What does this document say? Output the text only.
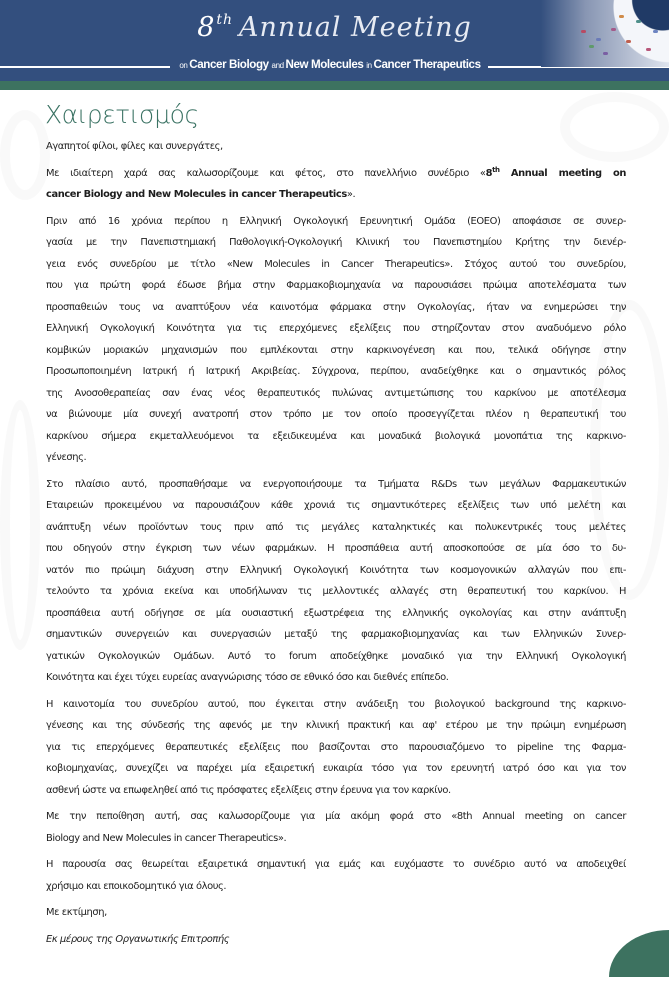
8th Annual Meeting
on Cancer Biology and New Molecules in Cancer Therapeutics
Χαιρετισμός
Αγαπητοί φίλοι, φίλες και συνεργάτες,
Με ιδιαίτερη χαρά σας καλωσορίζουμε και φέτος, στο πανελλήνιο συνέδριο «8th Annual meeting on
cancer Biology and New Molecules in cancer Therapeutics».
Πριν από 16 χρόνια περίπου η Ελληνική Ογκολογική Ερευνητική Ομάδα (ΕΟΕΟ) αποφάσισε σε συνερ-
γασία με την Πανεπιστημιακή Παθολογική-Ογκολογική Κλινική του Πανεπιστημίου Κρήτης την διενέρ-
γεια ενός συνεδρίου με τίτλο «New Molecules in Cancer Therapeutics». Στόχος αυτού του συνεδρίου,
που για πρώτη φορά έδωσε βήμα στην Φαρμακοβιομηχανία να παρουσιάσει πρώιμα αποτελέσματα των
προσπαθειών τους να αναπτύξουν νέα καινοτόμα φάρμακα στην Ογκολογίας, ήταν να ενημερώσει την
Ελληνική Ογκολογική Κοινότητα για τις επερχόμενες εξελίξεις που στηρίζονταν στον αναδυόμενο ρόλο
κομβικών μοριακών μηχανισμών που εμπλέκονται στην καρκινογένεση και που, τελικά οδήγησε στην
Προσωποποιημένη Ιατρική ή Ιατρική Ακριβείας. Σύγχρονα, περίπου, αναδείχθηκε και ο σημαντικός ρόλος
της Ανοσοθεραπείας σαν ένας νέος θεραπευτικός πυλώνας αντιμετώπισης του καρκίνου με αποτέλεσμα
να βιώνουμε μία συνεχή ανατροπή στον τρόπο με τον οποίο προσεγγίζεται πλέον η θεραπευτική του
καρκίνου σήμερα εκμεταλλευόμενοι τα εξειδικευμένα και μοναδικά βιολογικά μονοπάτια της καρκινο-
γένεσης.
Στο πλαίσιο αυτό, προσπαθήσαμε να ενεργοποιήσουμε τα Τμήματα R&Ds των μεγάλων Φαρμακευτικών
Εταιρειών προκειμένου να παρουσιάζουν κάθε χρονιά τις σημαντικότερες εξελίξεις των υπό μελέτη και
ανάπτυξη νέων προϊόντων τους πριν από τις μεγάλες καταληκτικές και πολυκεντρικές τους μελέτες
που οδηγούν στην έγκριση των νέων φαρμάκων. Η προσπάθεια αυτή αποσκοπούσε σε μία όσο το δυ-
νατόν πιο πρώιμη διάχυση στην Ελληνική Ογκολογική Κοινότητα των κοσμογονικών αλλαγών που επι-
τελούντο τα χρόνια εκείνα και υποδήλωναν τις μελλοντικές αλλαγές στη θεραπευτική του καρκίνου. Η
προσπάθεια αυτή οδήγησε σε μία ουσιαστική εξωστρέφεια της ελληνικής ογκολογίας και στην ανάπτυξη
σημαντικών συνεργειών και συνεργασιών μεταξύ της φαρμακοβιομηχανίας και των Ελληνικών Συνερ-
γατικών Ογκολογικών Ομάδων. Αυτό το forum αποδείχθηκε μοναδικό για την Ελληνική Ογκολογική
Κοινότητα και έχει τύχει ευρείας αναγνώρισης τόσο σε εθνικό όσο και διεθνές επίπεδο.
Η καινοτομία του συνεδρίου αυτού, που έγκειται στην ανάδειξη του βιολογικού background της καρκινο-
γένεσης και της σύνδεσής της αφενός με την κλινική πρακτική και αφ' ετέρου με την πρώιμη ενημέρωση
για τις επερχόμενες θεραπευτικές εξελίξεις που βασίζονται στο παρουσιαζόμενο το pipeline της Φαρμα-
κοβιομηχανίας, συνεχίζει να παρέχει μία εξαιρετική ευκαιρία τόσο για τον ερευνητή ιατρό όσο και για τον
ασθενή ώστε να επωφεληθεί από τις πρόσφατες εξελίξεις στην έρευνα για τον καρκίνο.
Με την πεποίθηση αυτή, σας καλωσορίζουμε για μία ακόμη φορά στο «8th Annual meeting on cancer
Biology and New Molecules in cancer Therapeutics».
Η παρουσία σας θεωρείται εξαιρετικά σημαντική για εμάς και ευχόμαστε το συνέδριο αυτό να αποδειχθεί
χρήσιμο και εποικοδομητικό για όλους.
Με εκτίμηση,
Εκ μέρους της Οργανωτικής Επιτροπής
